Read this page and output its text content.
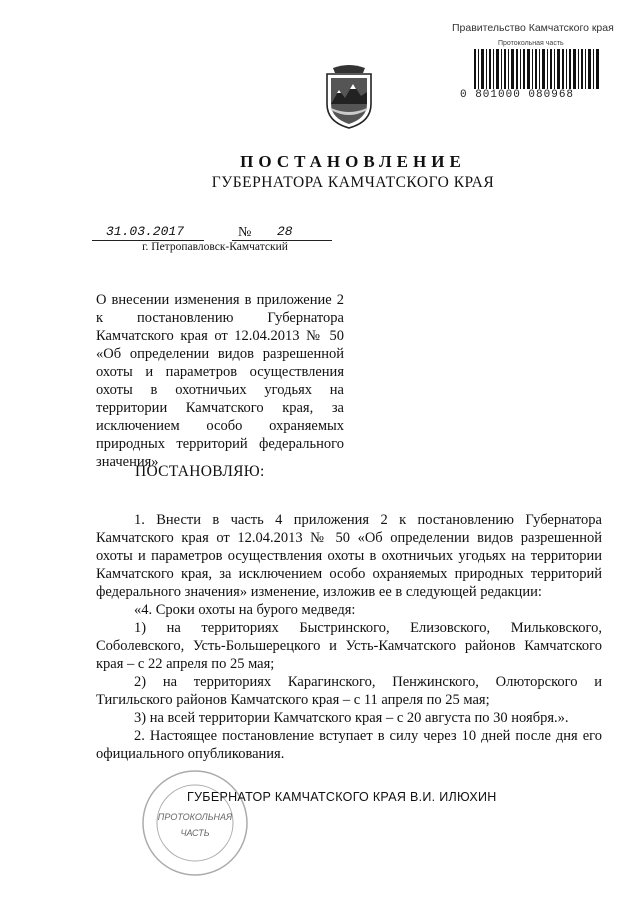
Правительство Камчатского края
Протокольная часть
0 801000 080968
ПОСТАНОВЛЕНИЕ
ГУБЕРНАТОРА КАМЧАТСКОГО КРАЯ
31.03.2017	№ 28
г. Петропавловск-Камчатский
О внесении изменения в приложение 2 к постановлению Губернатора Камчатского края от 12.04.2013 № 50 «Об определении видов разрешенной охоты и параметров осуществления охоты в охотничьих угодьях на территории Камчатского края, за исключением особо охраняемых природных территорий федерального значения»
ПОСТАНОВЛЯЮ:

1. Внести в часть 4 приложения 2 к постановлению Губернатора Камчатского края от 12.04.2013 № 50 «Об определении видов разрешенной охоты и параметров осуществления охоты в охотничьих угодьях на территории Камчатского края, за исключением особо охраняемых природных территорий федерального значения» изменение, изложив ее в следующей редакции:

«4. Сроки охоты на бурого медведя:

1) на территориях Быстринского, Елизовского, Мильковского, Соболевского, Усть-Большерецкого и Усть-Камчатского районов Камчатского края – с 22 апреля по 25 мая;

2) на территориях Карагинского, Пенжинского, Олюторского и Тигильского районов Камчатского края – с 11 апреля по 25 мая;

3) на всей территории Камчатского края – с 20 августа по 30 ноября.».

2. Настоящее постановление вступает в силу через 10 дней после дня его официального опубликования.

ПРОТОКОЛЬНАЯ
ЧАСТЬ
ГУБЕРНАТОР КАМЧАТСКОГО КРАЯ В.И. ИЛЮХИН
